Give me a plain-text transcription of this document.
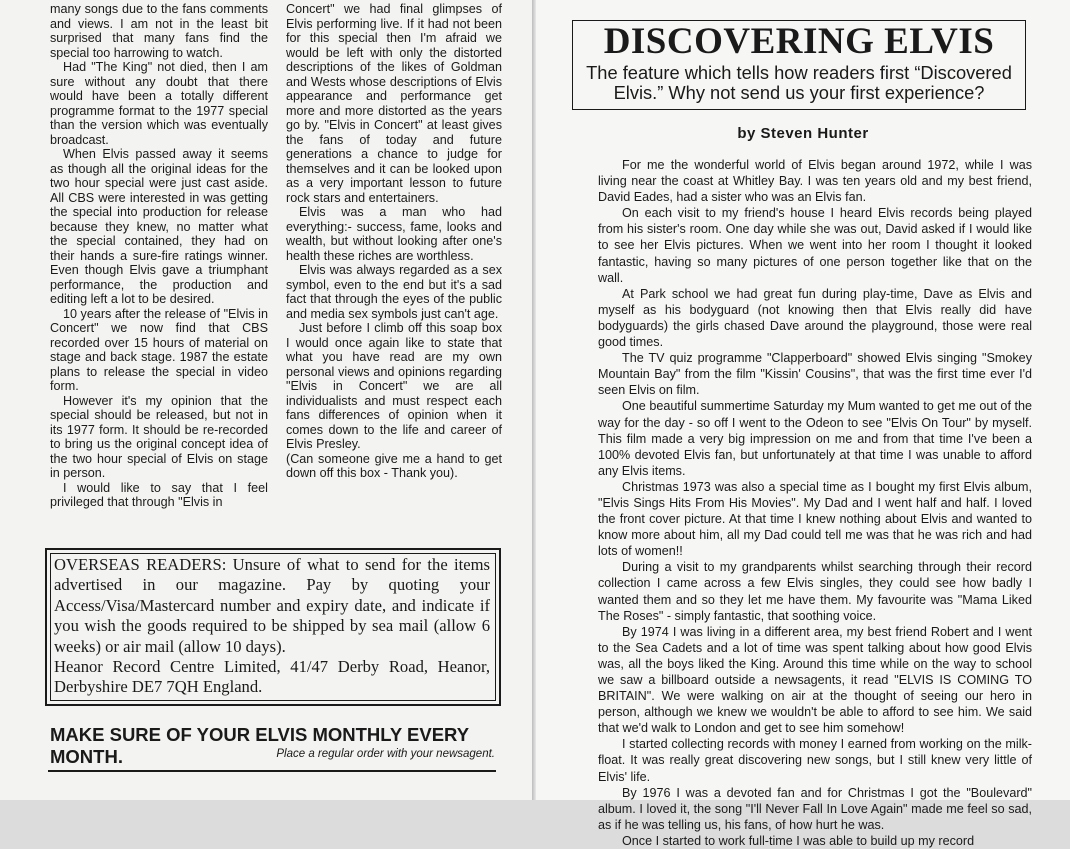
many songs due to the fans comments and views. I am not in the least bit surprised that many fans find the special too harrowing to watch.

Had "The King" not died, then I am sure without any doubt that there would have been a totally different programme format to the 1977 special than the version which was eventually broadcast.

When Elvis passed away it seems as though all the original ideas for the two hour special were just cast aside. All CBS were interested in was getting the special into production for release because they knew, no matter what the special contained, they had on their hands a sure-fire ratings winner. Even though Elvis gave a triumphant performance, the production and editing left a lot to be desired.

10 years after the release of "Elvis in Concert" we now find that CBS recorded over 15 hours of material on stage and back stage. 1987 the estate plans to release the special in video form.

However it's my opinion that the special should be released, but not in its 1977 form. It should be re-recorded to bring us the original concept idea of the two hour special of Elvis on stage in person.

I would like to say that I feel privileged that through "Elvis in

Concert" we had final glimpses of Elvis performing live. If it had not been for this special then I'm afraid we would be left with only the distorted descriptions of the likes of Goldman and Wests whose descriptions of Elvis appearance and performance get more and more distorted as the years go by. "Elvis in Concert" at least gives the fans of today and future generations a chance to judge for themselves and it can be looked upon as a very important lesson to future rock stars and entertainers.

Elvis was a man who had everything:- success, fame, looks and wealth, but without looking after one's health these riches are worthless.

Elvis was always regarded as a sex symbol, even to the end but it's a sad fact that through the eyes of the public and media sex symbols just can't age.

Just before I climb off this soap box I would once again like to state that what you have read are my own personal views and opinions regarding "Elvis in Concert" we are all individualists and must respect each fans differences of opinion when it comes down to the life and career of Elvis Presley.

(Can someone give me a hand to get down off this box - Thank you).

OVERSEAS READERS: Unsure of what to send for the items advertised in our magazine. Pay by quoting your Access/Visa/Mastercard number and expiry date, and indicate if you wish the goods required to be shipped by sea mail (allow 6 weeks) or air mail (allow 10 days).

Heanor Record Centre Limited, 41/47 Derby Road, Heanor, Derbyshire DE7 7QH England.

MAKE SURE OF YOUR ELVIS MONTHLY EVERY MONTH.	Place a regular order with your newsagent.
DISCOVERING ELVIS
The feature which tells how readers first “Discovered Elvis.” Why not send us your first experience?
by Steven Hunter

For me the wonderful world of Elvis began around 1972, while I was living near the coast at Whitley Bay. I was ten years old and my best friend, David Eades, had a sister who was an Elvis fan.

On each visit to my friend's house I heard Elvis records being played from his sister's room. One day while she was out, David asked if I would like to see her Elvis pictures. When we went into her room I thought it looked fantastic, having so many pictures of one person together like that on the wall.

At Park school we had great fun during play-time, Dave as Elvis and myself as his bodyguard (not knowing then that Elvis really did have bodyguards) the girls chased Dave around the playground, those were real good times.

The TV quiz programme "Clapperboard" showed Elvis singing "Smokey Mountain Bay" from the film "Kissin' Cousins", that was the first time ever I'd seen Elvis on film.

One beautiful summertime Saturday my Mum wanted to get me out of the way for the day - so off I went to the Odeon to see "Elvis On Tour" by myself. This film made a very big impression on me and from that time I've been a 100% devoted Elvis fan, but unfortunately at that time I was unable to afford any Elvis items.

Christmas 1973 was also a special time as I bought my first Elvis album, "Elvis Sings Hits From His Movies". My Dad and I went half and half. I loved the front cover picture. At that time I knew nothing about Elvis and wanted to know more about him, all my Dad could tell me was that he was rich and had lots of women!!

During a visit to my grandparents whilst searching through their record collection I came across a few Elvis singles, they could see how badly I wanted them and so they let me have them. My favourite was "Mama Liked The Roses" - simply fantastic, that soothing voice.

By 1974 I was living in a different area, my best friend Robert and I went to the Sea Cadets and a lot of time was spent talking about how good Elvis was, all the boys liked the King. Around this time while on the way to school we saw a billboard outside a newsagents, it read "ELVIS IS COMING TO BRITAIN". We were walking on air at the thought of seeing our hero in person, although we knew we wouldn't be able to afford to see him. We said that we'd walk to London and get to see him somehow!

I started collecting records with money I earned from working on the milk-float. It was really great discovering new songs, but I still knew very little of Elvis' life.

By 1976 I was a devoted fan and for Christmas I got the "Boulevard" album. I loved it, the song "I'll Never Fall In Love Again" made me feel so sad, as if he was telling us, his fans, of how hurt he was.

Once I started to work full-time I was able to build up my record
